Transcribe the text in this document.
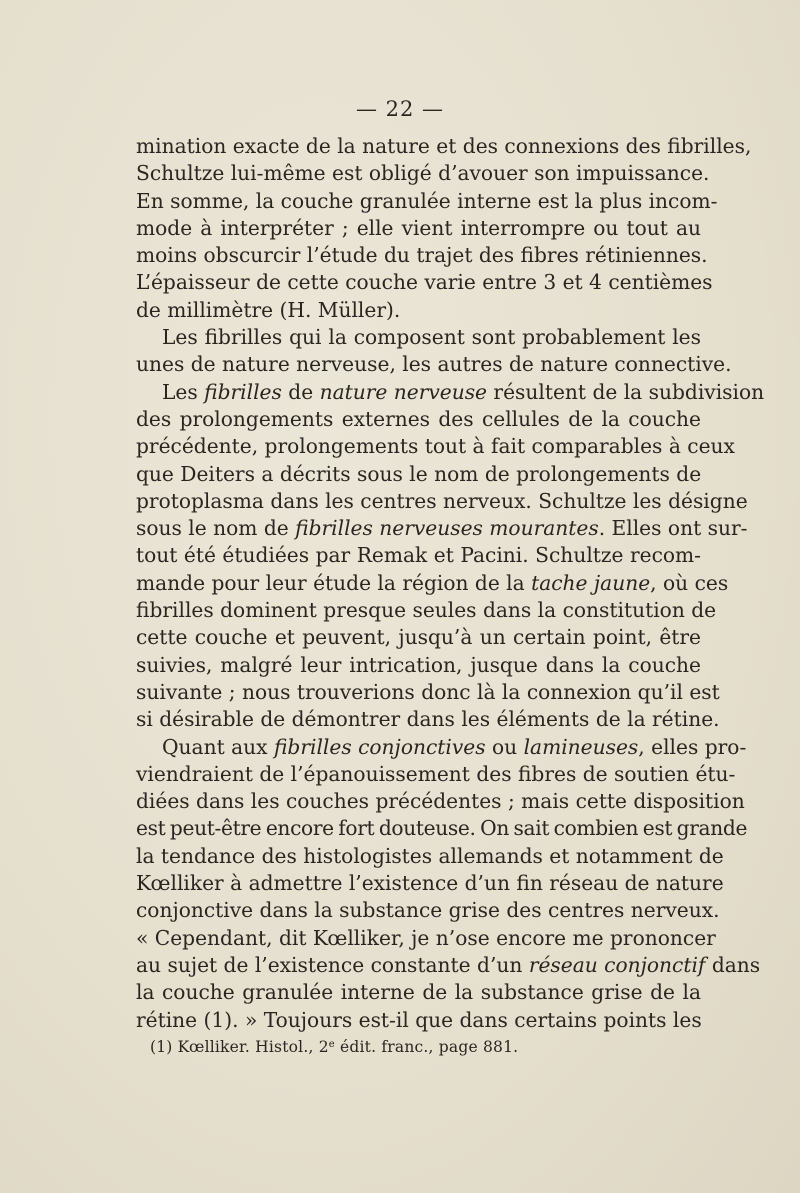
— 22 —
mination exacte de la nature et des connexions des fibrilles,
Schultze lui-même est obligé d’avouer son impuissance.
En somme, la couche granulée interne est la plus incom-
mode à interpréter ; elle vient interrompre ou tout au
moins obscurcir l’étude du trajet des fibres rétiniennes.
L’épaisseur de cette couche varie entre 3 et 4 centièmes
de millimètre (H. Müller).
Les fibrilles qui la composent sont probablement les
unes de nature nerveuse, les autres de nature connective.
Les fibrilles de nature nerveuse résultent de la subdivision
des prolongements externes des cellules de la couche
précédente, prolongements tout à fait comparables à ceux
que Deiters a décrits sous le nom de prolongements de
protoplasma dans les centres nerveux. Schultze les désigne
sous le nom de fibrilles nerveuses mourantes. Elles ont sur-
tout été étudiées par Remak et Pacini. Schultze recom-
mande pour leur étude la région de la tache jaune, où ces
fibrilles dominent presque seules dans la constitution de
cette couche et peuvent, jusqu’à un certain point, être
suivies, malgré leur intrication, jusque dans la couche
suivante ; nous trouverions donc là la connexion qu’il est
si désirable de démontrer dans les éléments de la rétine.
Quant aux fibrilles conjonctives ou lamineuses, elles pro-
viendraient de l’épanouissement des fibres de soutien étu-
diées dans les couches précédentes ; mais cette disposition
est peut-être encore fort douteuse. On sait combien est grande
la tendance des histologistes allemands et notamment de
Kœlliker à admettre l’existence d’un fin réseau de nature
conjonctive dans la substance grise des centres nerveux.
« Cependant, dit Kœlliker, je n’ose encore me prononcer
au sujet de l’existence constante d’un réseau conjonctif dans
la couche granulée interne de la substance grise de la
rétine (1). » Toujours est-il que dans certains points les
(1) Kœlliker. Histol., 2e édit. franc., page 881.
